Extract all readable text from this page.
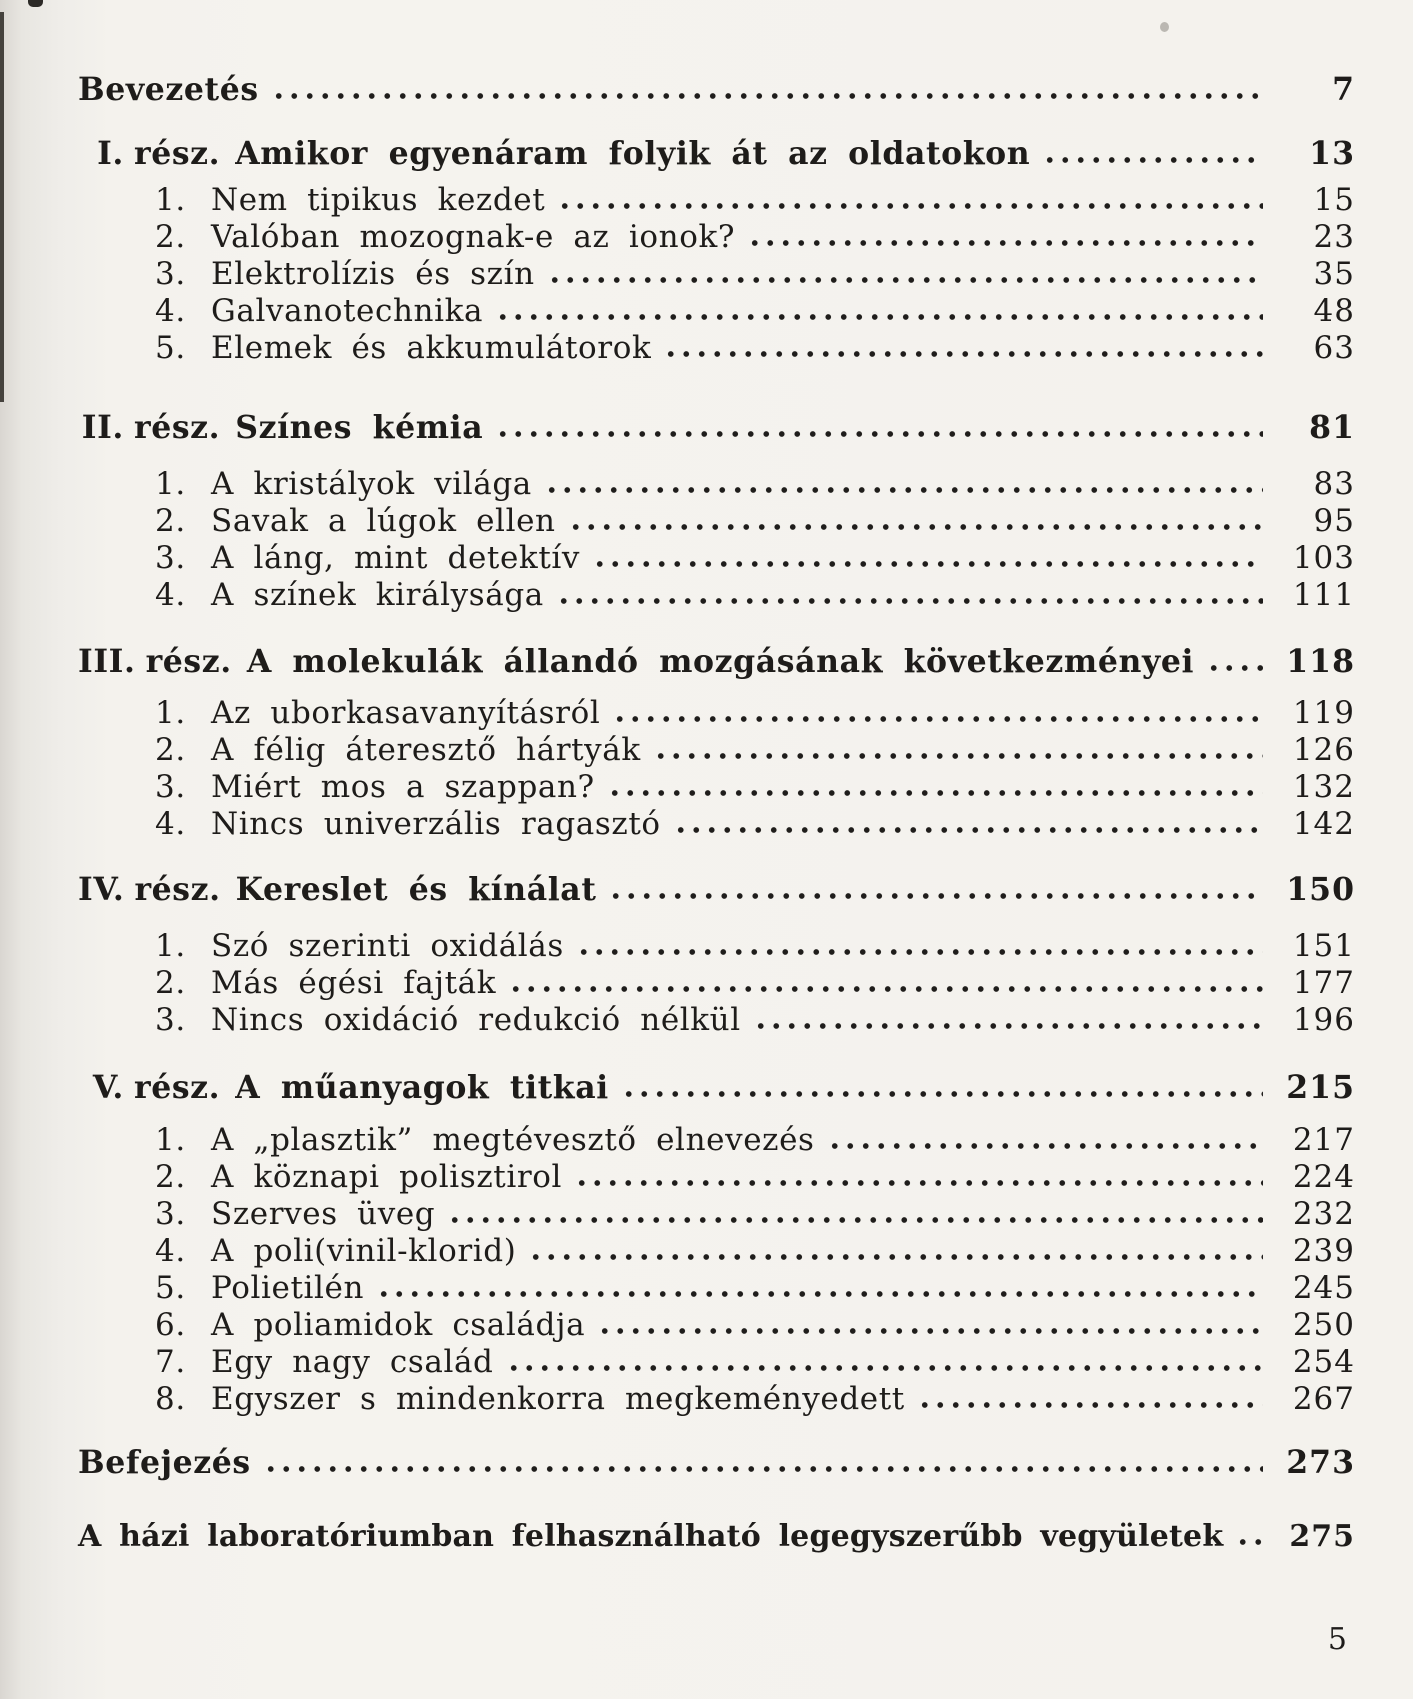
Bevezetés	7
I. rész. Amikor egyenáram folyik át az oldatokon	13
1. Nem tipikus kezdet	15
2. Valóban mozognak-e az ionok?	23
3. Elektrolízis és szín	35
4. Galvanotechnika	48
5. Elemek és akkumulátorok	63
II. rész. Színes kémia	81
1. A kristályok világa	83
2. Savak a lúgok ellen	95
3. A láng, mint detektív	103
4. A színek királysága	111
III. rész. A molekulák állandó mozgásának következményei	118
1. Az uborkasavanyításról	119
2. A félig áteresztő hártyák	126
3. Miért mos a szappan?	132
4. Nincs univerzális ragasztó	142
IV. rész. Kereslet és kínálat	150
1. Szó szerinti oxidálás	151
2. Más égési fajták	177
3. Nincs oxidáció redukció nélkül	196
V. rész. A műanyagok titkai	215
1. A „plasztik” megtévesztő elnevezés	217
2. A köznapi polisztirol	224
3. Szerves üveg	232
4. A poli(vinil-klorid)	239
5. Polietilén	245
6. A poliamidok családja	250
7. Egy nagy család	254
8. Egyszer s mindenkorra megkeményedett	267
Befejezés	273
A házi laboratóriumban felhasználható legegyszerűbb vegyületek	275
5
